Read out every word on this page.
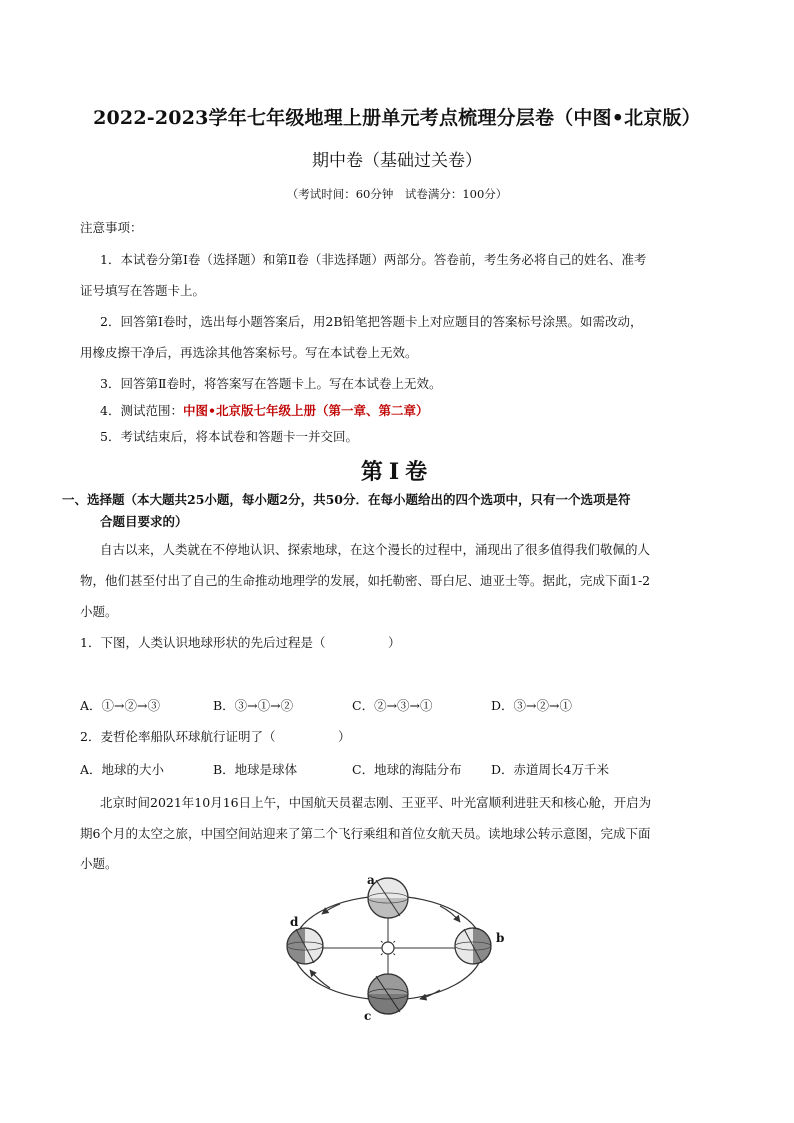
2022-2023学年七年级地理上册单元考点梳理分层卷（中图•北京版）
期中卷（基础过关卷）
（考试时间：60分钟　试卷满分：100分）
注意事项：
1．本试卷分第Ⅰ卷（选择题）和第Ⅱ卷（非选择题）两部分。答卷前，考生务必将自己的姓名、准考
证号填写在答题卡上。
2．回答第Ⅰ卷时，选出每小题答案后，用2B铅笔把答题卡上对应题目的答案标号涂黑。如需改动，
用橡皮擦干净后，再选涂其他答案标号。写在本试卷上无效。
3．回答第Ⅱ卷时，将答案写在答题卡上。写在本试卷上无效。
4．测试范围：中图•北京版七年级上册（第一章、第二章）
5．考试结束后，将本试卷和答题卡一并交回。
第Ⅰ卷
一、选择题（本大题共25小题，每小题2分，共50分．在每小题给出的四个选项中，只有一个选项是符
合题目要求的）
自古以来，人类就在不停地认识、探索地球，在这个漫长的过程中，涌现出了很多值得我们敬佩的人
物，他们甚至付出了自己的生命推动地理学的发展，如托勒密、哥白尼、迪亚士等。据此，完成下面1-2
小题。
1．下图，人类认识地球形状的先后过程是（　　　　　）
A．①→②→③	B．③→①→②	C．②→③→①	D．③→②→①
2．麦哲伦率船队环球航行证明了（　　　　　）
A．地球的大小	B．地球是球体	C．地球的海陆分布 D．赤道周长4万千米
北京时间2021年10月16日上午，中国航天员翟志刚、王亚平、叶光富顺利进驻天和核心舱，开启为
期6个月的太空之旅，中国空间站迎来了第二个飞行乘组和首位女航天员。读地球公转示意图，完成下面
小题。
a
b
c
d
